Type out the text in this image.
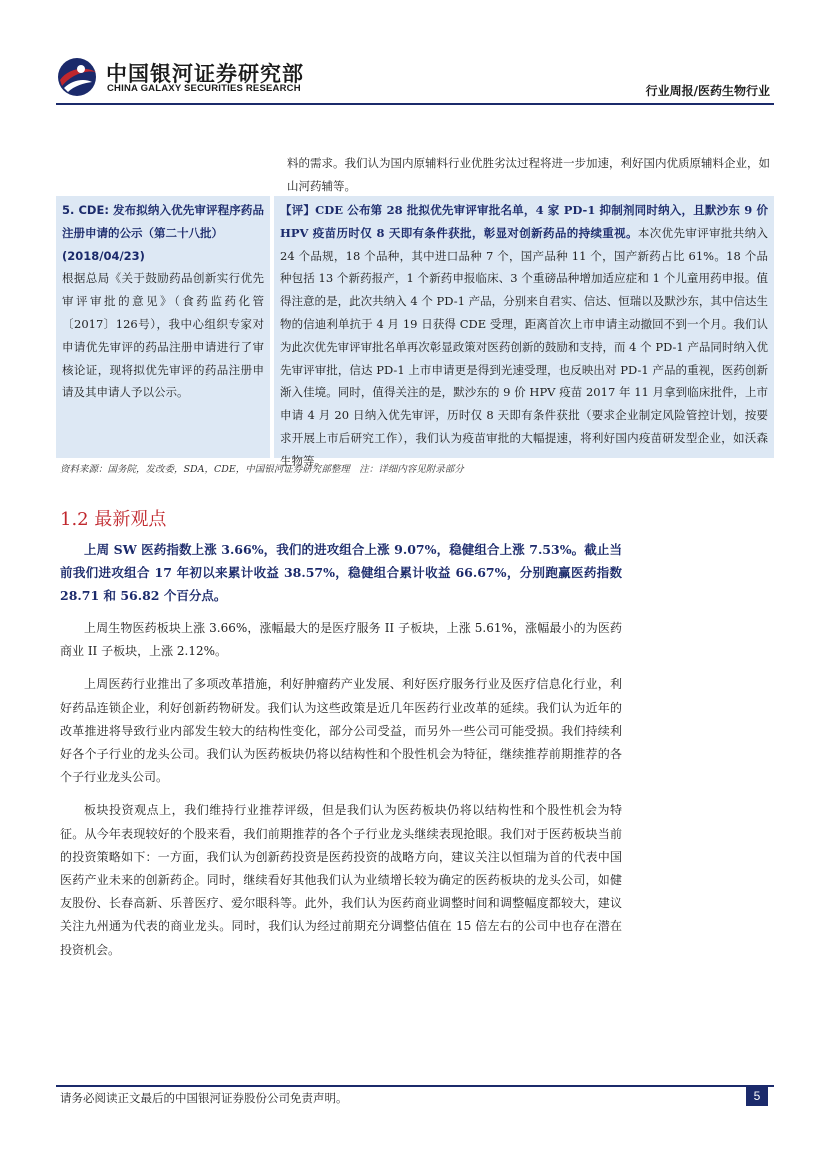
中国银河证券研究部
CHINA GALAXY SECURITIES RESEARCH	行业周报/医药生物行业
料的需求。我们认为国内原辅料行业优胜劣汰过程将进一步加速，利好国内优质原辅料企业，如山河药辅等。
5. CDE: 发布拟纳入优先审评程序药品注册申请的公示（第二十八批）
(2018/04/23)
根据总局《关于鼓励药品创新实行优先审评审批的意见》（食药监药化管〔2017〕126号），我中心组织专家对申请优先审评的药品注册申请进行了审核论证，现将拟优先审评的药品注册申请及其申请人予以公示。
【评】CDE 公布第 28 批拟优先审评审批名单，4 家 PD-1 抑制剂同时纳入，且默沙东 9 价 HPV 疫苗历时仅 8 天即有条件获批，彰显对创新药品的持续重视。本次优先审评审批共纳入 24 个品规，18 个品种，其中进口品种 7 个，国产品种 11 个，国产新药占比 61%。18 个品种包括 13 个新药报产，1 个新药申报临床、3 个重磅品种增加适应症和 1 个儿童用药申报。值得注意的是，此次共纳入 4 个 PD-1 产品，分别来自君实、信达、恒瑞以及默沙东，其中信达生物的信迪利单抗于 4 月 19 日获得 CDE 受理，距离首次上市申请主动撤回不到一个月。我们认为此次优先审评审批名单再次彰显政策对医药创新的鼓励和支持，而 4 个 PD-1 产品同时纳入优先审评审批，信达 PD-1 上市申请更是得到光速受理，也反映出对 PD-1 产品的重视，医药创新渐入佳境。同时，值得关注的是，默沙东的 9 价 HPV 疫苗 2017 年 11 月拿到临床批件，上市申请 4 月 20 日纳入优先审评，历时仅 8 天即有条件获批（要求企业制定风险管控计划，按要求开展上市后研究工作），我们认为疫苗审批的大幅提速，将利好国内疫苗研发型企业，如沃森生物等。
资料来源：国务院，发改委，SDA，CDE，中国银河证券研究部整理　注：详细内容见附录部分
1.2 最新观点

上周 SW 医药指数上涨 3.66%，我们的进攻组合上涨 9.07%，稳健组合上涨 7.53%。截止当前我们进攻组合 17 年初以来累计收益 38.57%，稳健组合累计收益 66.67%，分别跑赢医药指数 28.71 和 56.82 个百分点。

上周生物医药板块上涨 3.66%，涨幅最大的是医疗服务 II 子板块，上涨 5.61%，涨幅最小的为医药商业 II 子板块，上涨 2.12%。

上周医药行业推出了多项改革措施，利好肿瘤药产业发展、利好医疗服务行业及医疗信息化行业，利好药品连锁企业，利好创新药物研发。我们认为这些政策是近几年医药行业改革的延续。我们认为近年的改革推进将导致行业内部发生较大的结构性变化，部分公司受益，而另外一些公司可能受损。我们持续利好各个子行业的龙头公司。我们认为医药板块仍将以结构性和个股性机会为特征，继续推荐前期推荐的各个子行业龙头公司。

板块投资观点上，我们维持行业推荐评级，但是我们认为医药板块仍将以结构性和个股性机会为特征。从今年表现较好的个股来看，我们前期推荐的各个子行业龙头继续表现抢眼。我们对于医药板块当前的投资策略如下：一方面，我们认为创新药投资是医药投资的战略方向，建议关注以恒瑞为首的代表中国医药产业未来的创新药企。同时，继续看好其他我们认为业绩增长较为确定的医药板块的龙头公司，如健友股份、长春高新、乐普医疗、爱尔眼科等。此外，我们认为医药商业调整时间和调整幅度都较大，建议关注九州通为代表的商业龙头。同时，我们认为经过前期充分调整估值在 15 倍左右的公司中也存在潜在投资机会。

请务必阅读正文最后的中国银河证券股份公司免责声明。	5
